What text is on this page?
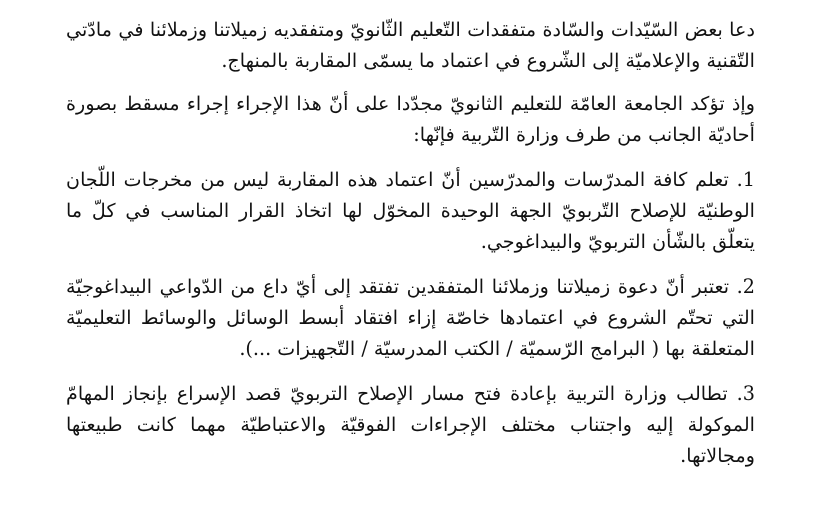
دعا بعض السّيّدات والسّادة متفقدات التّعليم الثّانويّ ومتفقديه زميلاتنا وزملائنا في مادّتي التّقنية والإعلاميّة إلى الشّروع في اعتماد ما يسمّى المقاربة بالمنهاج.

وإذ تؤكد الجامعة العامّة للتعليم الثانويّ مجدّدا على أنّ هذا الإجراء إجراء مسقط بصورة أحاديّة الجانب من طرف وزارة التّربية فإنّها:

1. تعلم كافة المدرّسات والمدرّسين أنّ اعتماد هذه المقاربة ليس من مخرجات اللّجان الوطنيّة للإصلاح التّربويّ الجهة الوحيدة المخوّل لها اتخاذ القرار المناسب في كلّ ما يتعلّق بالشّأن التربويّ والبيداغوجي.

2. تعتبر أنّ دعوة زميلاتنا وزملائنا المتفقدين تفتقد إلى أيّ داع من الدّواعي البيداغوجيّة التي تحتّم الشروع في اعتمادها خاصّة إزاء افتقاد أبسط الوسائل والوسائط التعليميّة المتعلقة بها ( البرامج الرّسميّة / الكتب المدرسيّة / التّجهيزات ...).

3. تطالب وزارة التربية بإعادة فتح مسار الإصلاح التربويّ قصد الإسراع بإنجاز المهامّ الموكولة إليه واجتناب مختلف الإجراءات الفوقيّة والاعتباطيّة مهما كانت طبيعتها ومجالاتها.
